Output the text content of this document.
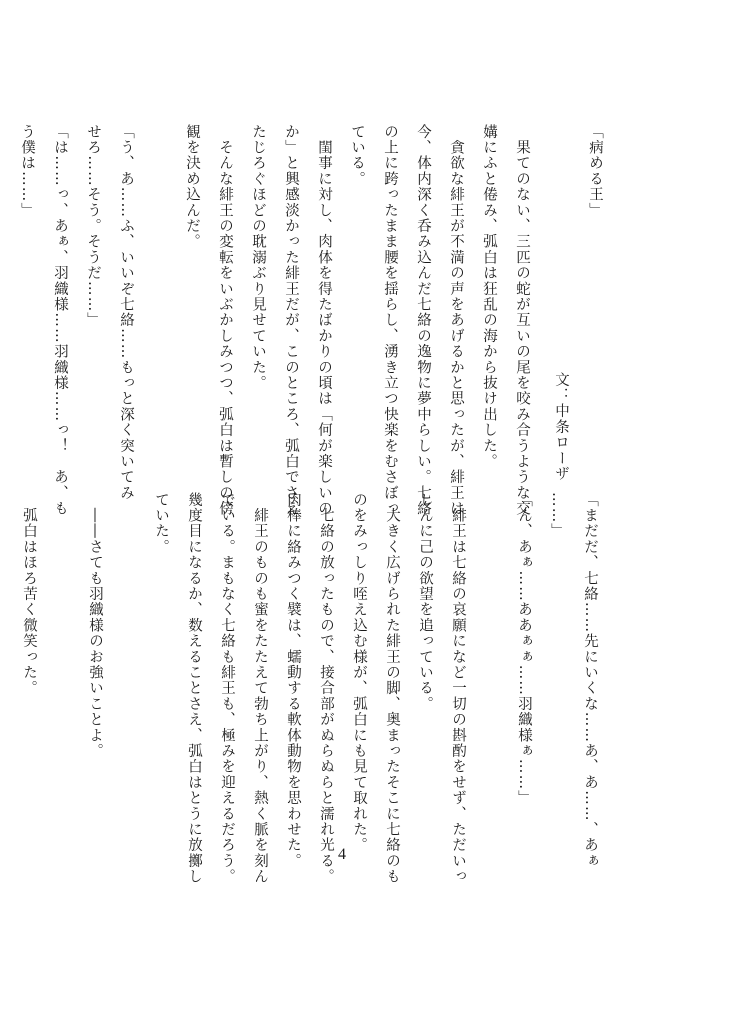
「病める王」
文：中条ローザ
　果てのない、三匹の蛇が互いの尾を咬み合うような交
媾にふと倦み、弧白は狂乱の海から抜け出した。
　貪欲な緋王が不満の声をあげるかと思ったが、緋王は
今、体内深く呑み込んだ七絡の逸物に夢中らしい。七絡
の上に跨ったまま腰を揺らし、湧き立つ快楽をむさぼっ
ている。
　閨事に対し、肉体を得たばかりの頃は「何が楽しいの
か」と興感淡かった緋王だが、このところ、弧白でさえ
たじろぐほどの耽溺ぶり見せていた。
　そんな緋王の変転をいぶかしみつつ、弧白は暫しの傍
観を決め込んだ。
「う、あ……ふ、いいぞ七絡……もっと深く突いてみ
せろ……そう。そうだ……」
「は……っ、あぁ、羽織様……羽織様……っ！　あ、も
う僕は……」
「まだだ、七絡……先にいくな……あ、あ……、あぁ
……」
「ん、あぁ……ああぁぁ……羽織様ぁ……」
　緋王は七絡の哀願になど一切の斟酌をせず、ただいっ
しんに己の欲望を追っている。
　大きく広げられた緋王の脚、奥まったそこに七絡のも
のをみっしり咥え込む様が、弧白にも見て取れた。
　七絡の放ったもので、接合部がぬらぬらと濡れ光る。
肉棒に絡みつく襞は、蠕動する軟体動物を思わせた。
　緋王のものも蜜をたたえて勃ち上がり、熱く脈を刻ん
でいる。まもなく七絡も緋王も、極みを迎えるだろう。
幾度目になるか、数えることさえ、弧白はとうに放擲し
ていた。
　――さても羽織様のお強いことよ。
　弧白はほろ苦く微笑った。
4
